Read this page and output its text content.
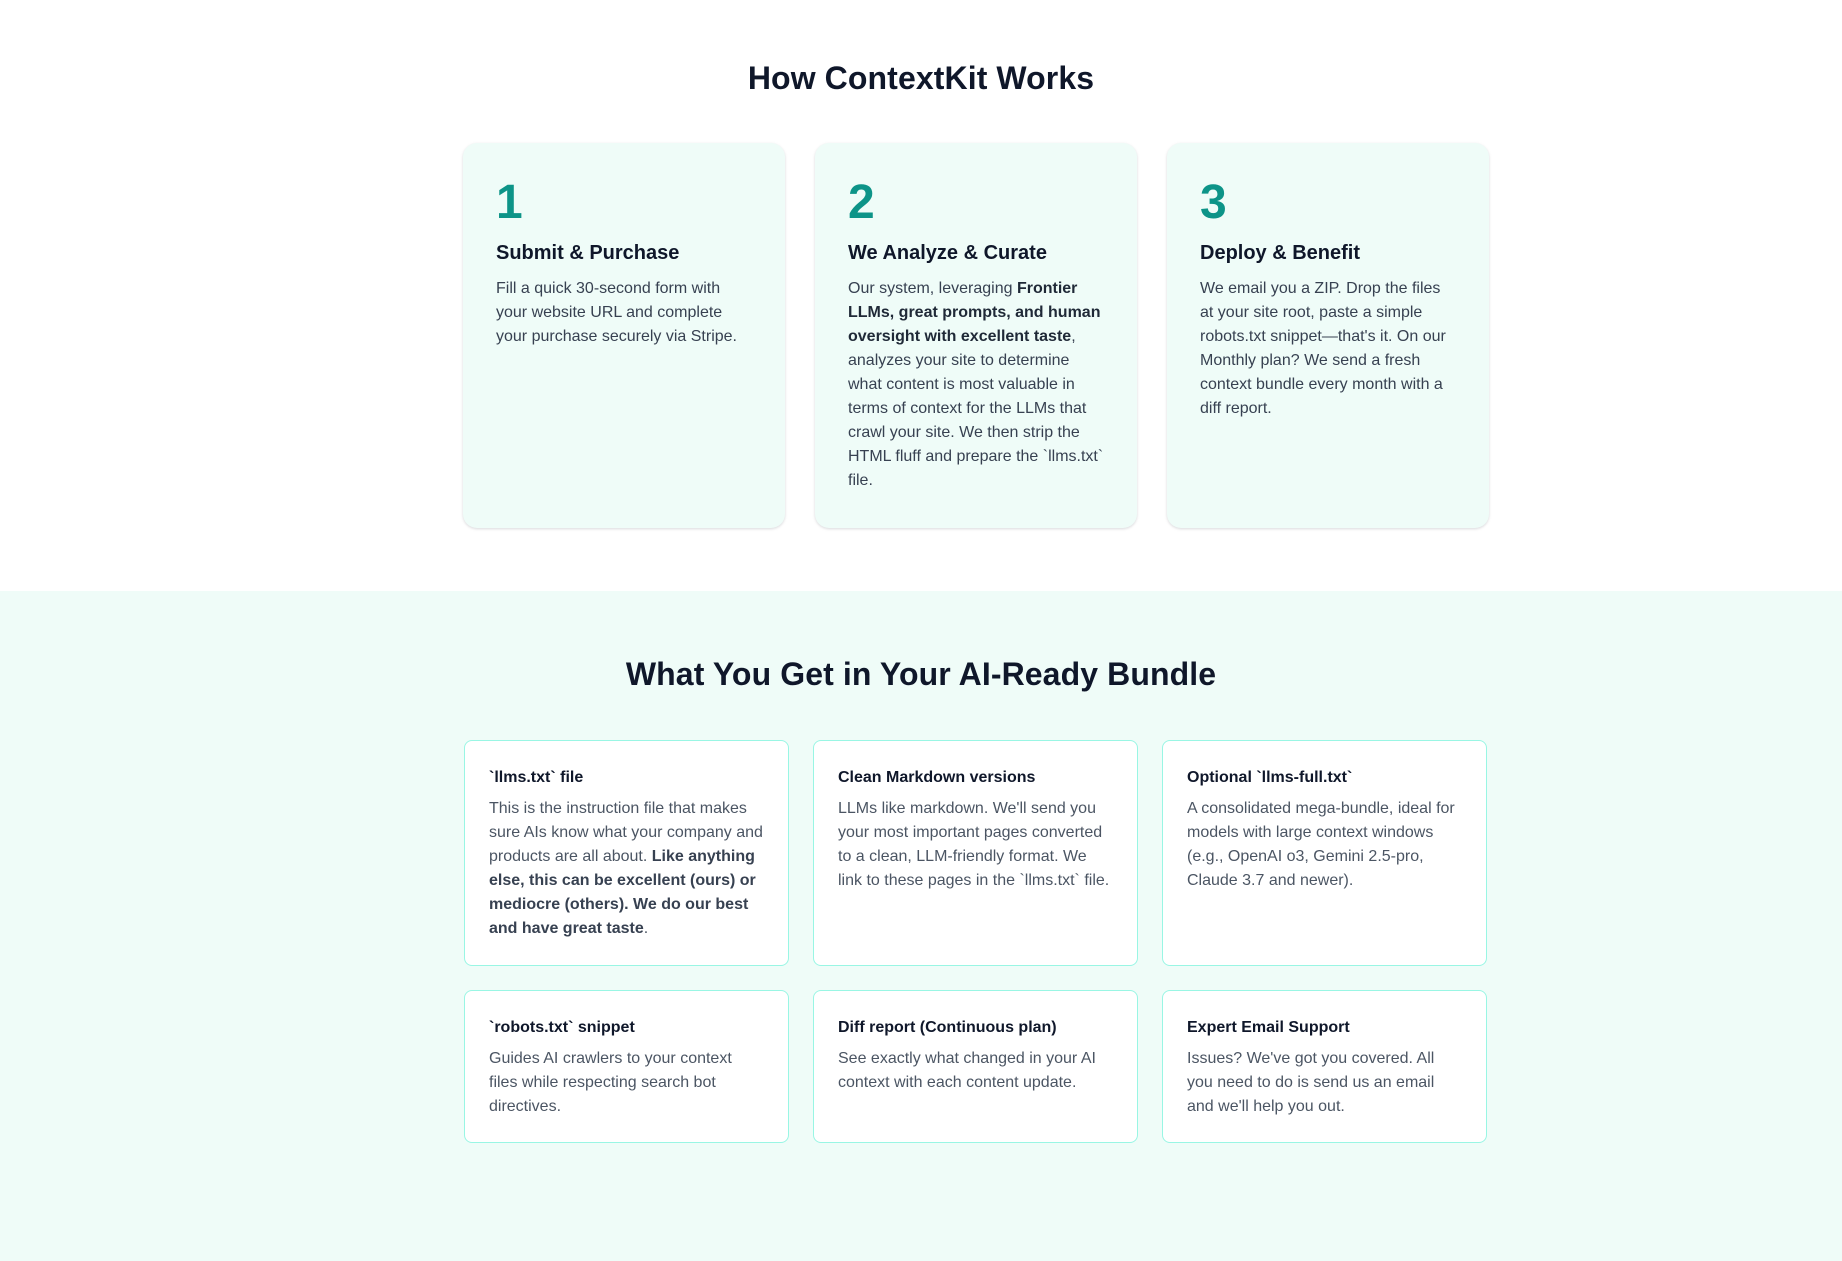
How ContextKit Works
1
Submit & Purchase

Fill a quick 30-second form with your website URL and complete your purchase securely via Stripe.

2
We Analyze & Curate

Our system, leveraging Frontier LLMs, great prompts, and human oversight with excellent taste, analyzes your site to determine what content is most valuable in terms of context for the LLMs that crawl your site. We then strip the HTML fluff and prepare the `llms.txt` file.

3
Deploy & Benefit

We email you a ZIP. Drop the files at your site root, paste a simple robots.txt snippet—that's it. On our Monthly plan? We send a fresh context bundle every month with a diff report.

What You Get in Your AI-Ready Bundle
`llms.txt` file

This is the instruction file that makes sure AIs know what your company and products are all about. Like anything else, this can be excellent (ours) or mediocre (others). We do our best and have great taste.

Clean Markdown versions

LLMs like markdown. We'll send you your most important pages converted to a clean, LLM-friendly format. We link to these pages in the `llms.txt` file.

Optional `llms-full.txt`

A consolidated mega-bundle, ideal for models with large context windows (e.g., OpenAI o3, Gemini 2.5-pro, Claude 3.7 and newer).

`robots.txt` snippet

Guides AI crawlers to your context files while respecting search bot directives.

Diff report (Continuous plan)

See exactly what changed in your AI context with each content update.

Expert Email Support

Issues? We've got you covered. All you need to do is send us an email and we'll help you out.
